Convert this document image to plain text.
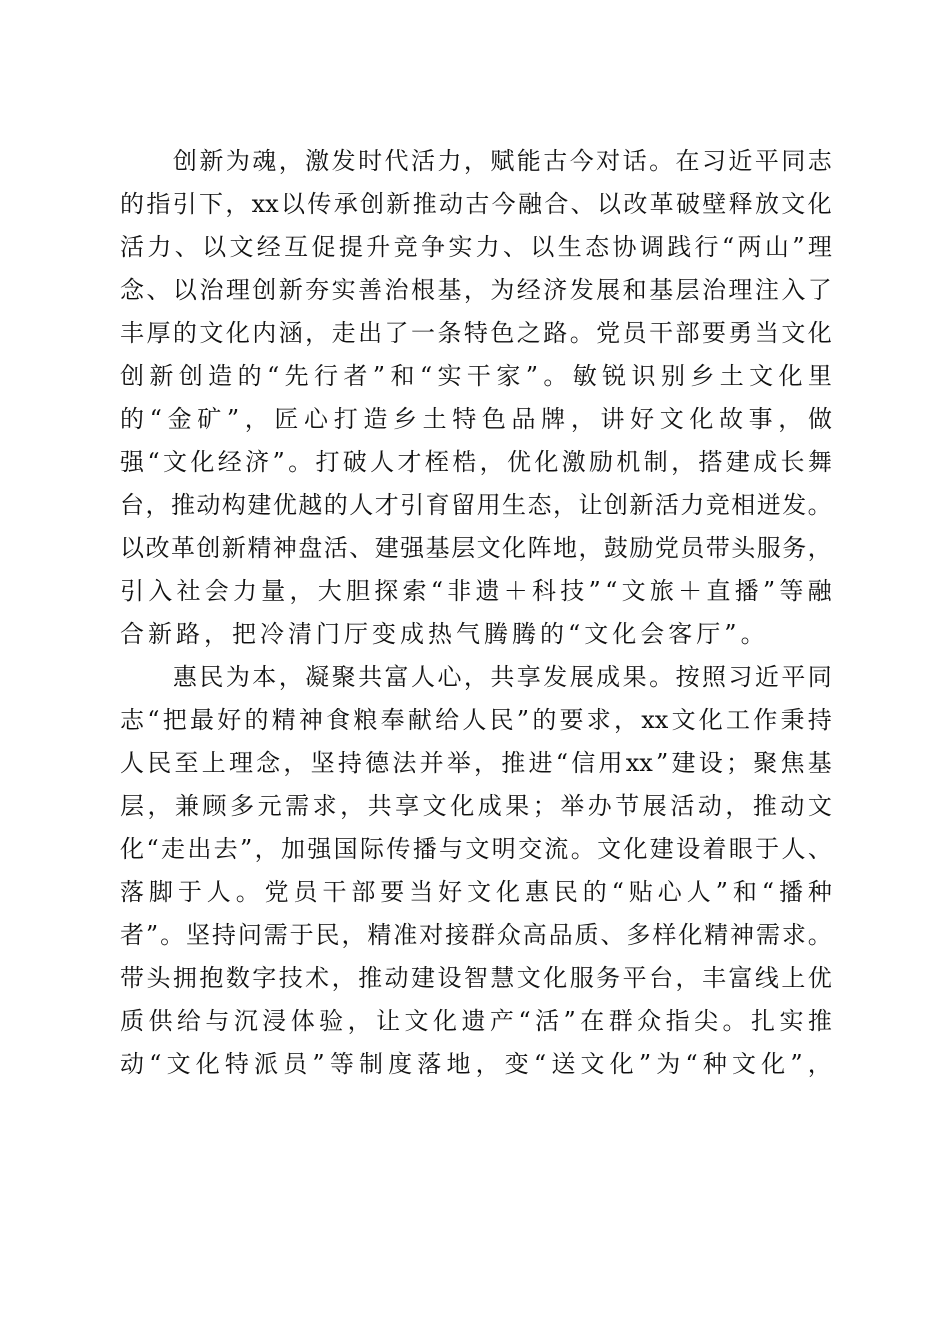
创 新 为 魂 ， 激 发 时 代 活 力 ， 赋 能 古 今 对 话 。 在 习 近 平 同 志
的 指 引 下 ， xx 以 传 承 创 新 推 动 古 今 融 合 、 以 改 革 破 壁 释 放 文 化
活 力 、 以 文 经 互 促 提 升 竞 争 实 力 、 以 生 态 协 调 践 行 “ 两 山 ” 理
念 、 以 治 理 创 新 夯 实 善 治 根 基 ， 为 经 济 发 展 和 基 层 治 理 注 入 了
丰 厚 的 文 化 内 涵 ， 走 出 了 一 条 特 色 之 路 。 党 员 干 部 要 勇 当 文 化
创 新 创 造 的 “ 先 行 者 ” 和 “ 实 干 家 ” 。 敏 锐 识 别 乡 土 文 化 里
的 “ 金 矿 ” ， 匠 心 打 造 乡 土 特 色 品 牌 ， 讲 好 文 化 故 事 ， 做
强 “ 文 化 经 济 ” 。 打 破 人 才 桎 梏 ， 优 化 激 励 机 制 ， 搭 建 成 长 舞
台 ， 推 动 构 建 优 越 的 人 才 引 育 留 用 生 态 ， 让 创 新 活 力 竞 相 迸 发 。
以 改 革 创 新 精 神 盘 活 、 建 强 基 层 文 化 阵 地 ， 鼓 励 党 员 带 头 服 务 ，
引 入 社 会 力 量 ， 大 胆 探 索 “ 非 遗 ＋ 科 技 ” “ 文 旅 ＋ 直 播 ” 等 融
合 新 路 ， 把 冷 清 门 厅 变 成 热 气 腾 腾 的 “ 文 化 会 客 厅 ” 。

惠 民 为 本 ， 凝 聚 共 富 人 心 ， 共 享 发 展 成 果 。 按 照 习 近 平 同
志 “ 把 最 好 的 精 神 食 粮 奉 献 给 人 民 ” 的 要 求 ， xx 文 化 工 作 秉 持
人 民 至 上 理 念 ， 坚 持 德 法 并 举 ， 推 进 “ 信 用 xx ” 建 设 ； 聚 焦 基
层 ， 兼 顾 多 元 需 求 ， 共 享 文 化 成 果 ； 举 办 节 展 活 动 ， 推 动 文
化 “ 走 出 去 ” ， 加 强 国 际 传 播 与 文 明 交 流 。 文 化 建 设 着 眼 于 人 、
落 脚 于 人 。 党 员 干 部 要 当 好 文 化 惠 民 的 “ 贴 心 人 ” 和 “ 播 种
者 ” 。 坚 持 问 需 于 民 ， 精 准 对 接 群 众 高 品 质 、 多 样 化 精 神 需 求 。
带 头 拥 抱 数 字 技 术 ， 推 动 建 设 智 慧 文 化 服 务 平 台 ， 丰 富 线 上 优
质 供 给 与 沉 浸 体 验 ， 让 文 化 遗 产 “ 活 ” 在 群 众 指 尖 。 扎 实 推
动 “ 文 化 特 派 员 ” 等 制 度 落 地 ， 变 “ 送 文 化 ” 为 “ 种 文 化 ” ，
